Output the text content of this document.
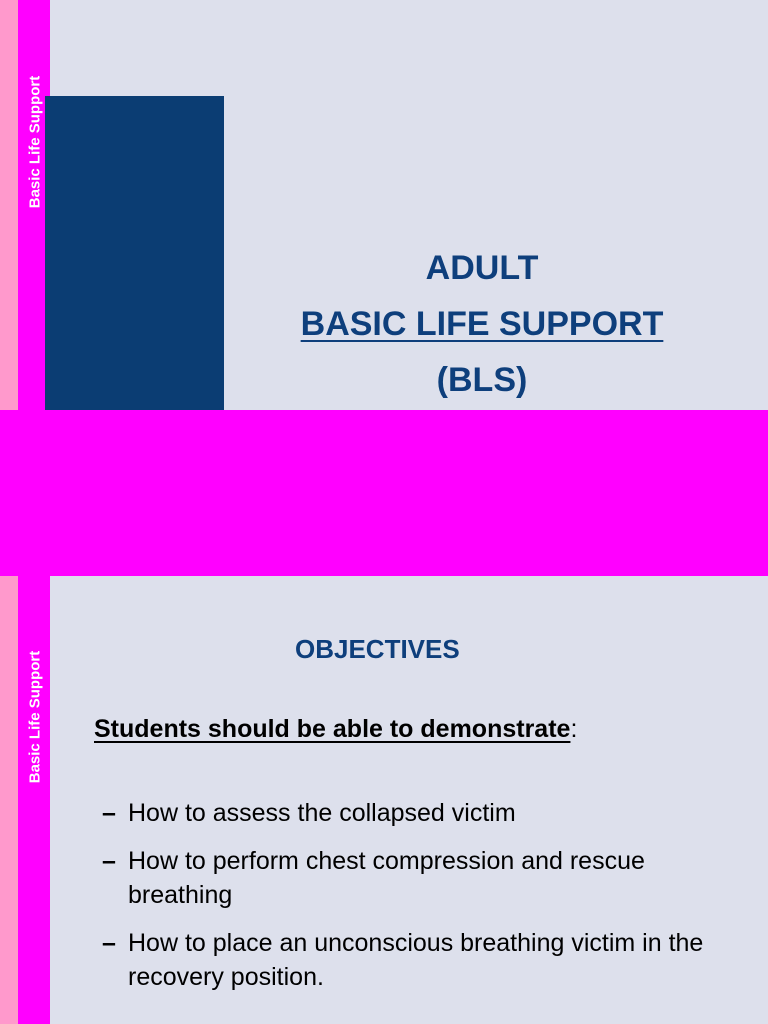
Basic Life Support
ADULT
BASIC LIFE SUPPORT
(BLS)
Basic Life Support
OBJECTIVES
Students should be able to demonstrate:
– How to assess the collapsed victim
– How to perform chest compression and rescue breathing
– How to place an unconscious breathing victim in the recovery position.
